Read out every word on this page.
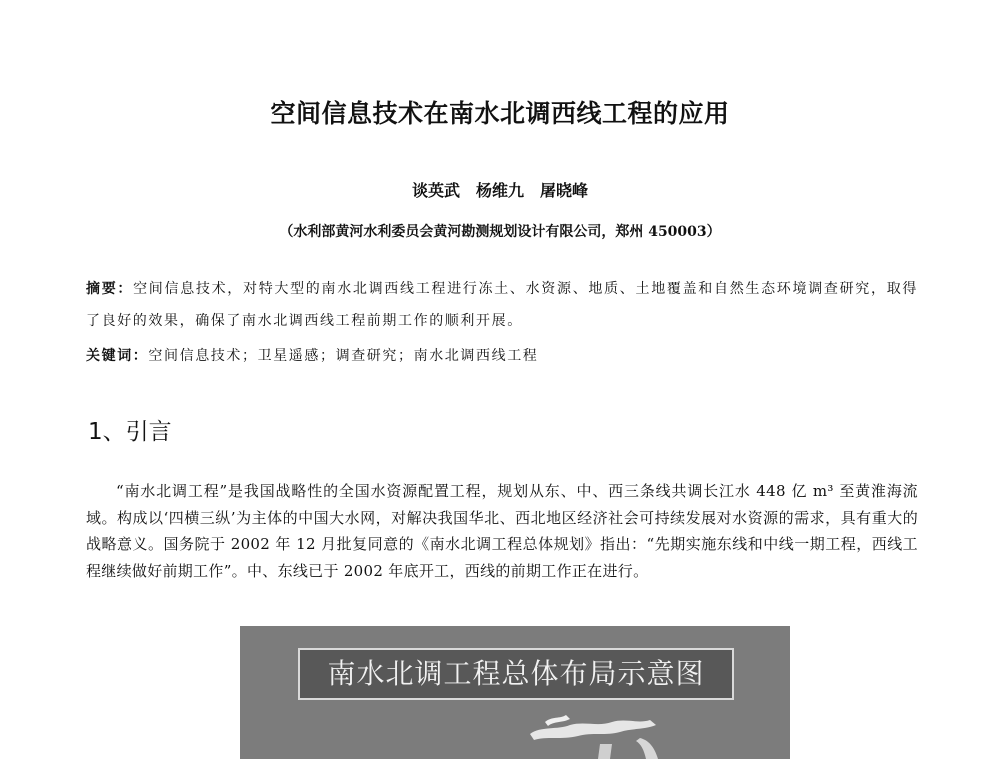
空间信息技术在南水北调西线工程的应用
谈英武　杨维九　屠晓峰
（水利部黄河水利委员会黄河勘测规划设计有限公司，郑州 450003）
摘要：空间信息技术，对特大型的南水北调西线工程进行冻土、水资源、地质、土地覆盖和自然生态环境调查研究，取得了良好的效果，确保了南水北调西线工程前期工作的顺利开展。
关键词：空间信息技术；卫星遥感；调查研究；南水北调西线工程
1、引言
“南水北调工程”是我国战略性的全国水资源配置工程，规划从东、中、西三条线共调长江水 448 亿 m³ 至黄淮海流域。构成以‘四横三纵’为主体的中国大水网，对解决我国华北、西北地区经济社会可持续发展对水资源的需求，具有重大的战略意义。国务院于 2002 年 12 月批复同意的《南水北调工程总体规划》指出：“先期实施东线和中线一期工程，西线工程继续做好前期工作”。中、东线已于 2002 年底开工，西线的前期工作正在进行。
南水北调工程总体布局示意图
